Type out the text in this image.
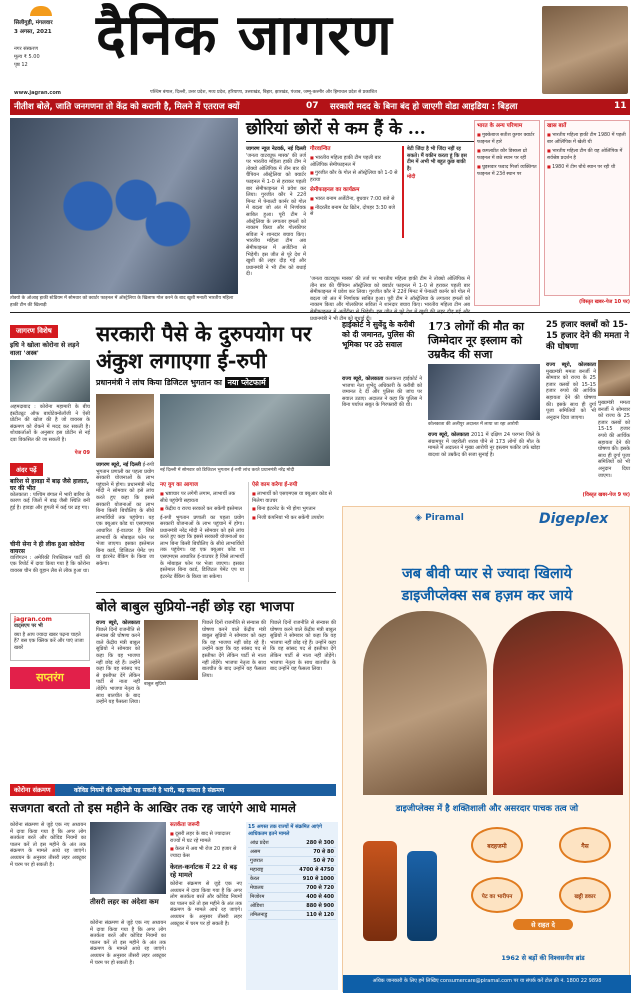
सिलीगुड़ी, मंगलवार
3 अगस्त, 2021
नगर संस्करण
मूल्य ₹ 5.00
पृष्ठ 12 दैनिक जागरण
www.jagran.com	पश्चिम बंगाल, दिल्ली, उत्तर प्रदेश, मध्य प्रदेश, हरियाणा, उत्तराखंड, बिहार, झारखंड, पंजाब, जम्मू-कश्मीर और हिमाचल प्रदेश से प्रकाशित
नीतीश बोले, जाति जनगणना तो केंद्र को करानी है, मिलने में एतराज क्यों	07 सरकारी मदद के बिना बंद हो जाएगी वोडा आइडिया : बिड़ला	11
तोक्यो के ओआइ हाकी स्टेडियम में सोमवार को क्वार्टर फाइनल में ऑस्ट्रेलिया के खिलाफ गोल करने के बाद खुशी मनाती भारतीय महिला हाकी टीम की खिलाड़ी
छोरियां छोरों से कम हैं के ...
जागरण न्यूज नेटवर्क, नई दिल्ली 'जनता वाटरप्रूफ मास्क' की तर्ज पर भारतीय महिला हाकी टीम ने तोक्यो ओलिंपिक में तीन बार की चैंपियन ऑस्ट्रेलिया को क्वार्टर फाइनल में 1-0 से हराकर पहली बार सेमीफाइनल में प्रवेश कर लिया। गुरजीत कौर ने 22वें मिनट में पेनाल्टी कार्नर को गोल में बदला जो अंत में निर्णायक साबित हुआ। पूरी टीम ने ऑस्ट्रेलिया के लगातार हमलों को नाकाम किया और गोलकीपर सविता ने शानदार बचाव किए। भारतीय महिला टीम अब सेमीफाइनल में अर्जेंटीना से भिड़ेगी। इस जीत से पूरे देश में खुशी की लहर दौड़ गई और प्रधानमंत्री ने भी टीम को बधाई दी।
गौरवान्वित
■ भारतीय महिला हाकी टीम पहली बार ओलिंपिक सेमीफाइनल में
■ गुरजीत कौर के गोल से ऑस्ट्रेलिया को 1-0 से हराया
सेमीफाइनल का कार्यक्रम
■ भारत बनाम अर्जेंटीना, बुधवार 7:00 बजे से
■ नीदरलैंड बनाम ग्रेट ब्रिटेन, दोपहर 3:30 बजे से
बेटी जिंदा है भी जिंदा नहीं रह सकते। मैं यकीन करता हूं कि इस टीम में अभी भी बहुत कुछ बाकी है।
मोदी
'जनता वाटरप्रूफ मास्क' की तर्ज पर भारतीय महिला हाकी टीम ने तोक्यो ओलिंपिक में तीन बार की चैंपियन ऑस्ट्रेलिया को क्वार्टर फाइनल में 1-0 से हराकर पहली बार सेमीफाइनल में प्रवेश कर लिया। गुरजीत कौर ने 22वें मिनट में पेनाल्टी कार्नर को गोल में बदला जो अंत में निर्णायक साबित हुआ। पूरी टीम ने ऑस्ट्रेलिया के लगातार हमलों को नाकाम किया और गोलकीपर सविता ने शानदार बचाव किए। भारतीय महिला टीम अब प्रधानमंत्री ने भी टीम को बधाई दी।
भारत के अन्य परिणाम
■ मुक्केबाज सतीश कुमार क्वार्टर फाइनल में हारे
■ कमलप्रीत कौर डिस्कस थ्रो फाइनल में छठे स्थान पर रहीं
■ घुड़सवार फवाद मिर्जा व्यक्तिगत फाइनल में 23वें स्थान पर
खास बातें
■ भारतीय महिला हाकी टीम 1980 में पहली बार ओलिंपिक में खेली थी
■ भारतीय महिला टीम की यह ओलिंपिक में सर्वश्रेष्ठ प्रदर्शन है
■ 1980 में टीम चौथे स्थान पर रही थी
(विस्तृत खबर-पेज 10 पर)
जागरण विशेष
इधि ने खोला कोरोना से लड़ने वाला 'अस्त्र'
अहमदाबाद : कोरोना महामारी के बीच इंस्टीट्यूट ऑफ बायोटेक्नोलॉजी ने ऐसी प्रोटीन की खोज की है जो वायरस के संक्रमण को रोकने में मदद कर सकती है। शोधकर्ताओं के अनुसार इस प्रोटीन से नई दवा विकसित की जा सकती है।
पेज 09
अंदर पढ़ें
बारिश से हावड़ा में बाढ़ जैसे हालात, घर की भीत
कोलकाता : पश्चिम बंगाल में भारी बारिश के कारण कई जिलों में बाढ़ जैसी स्थिति बनी हुई है। हावड़ा और हुगली में कई घर ढह गए।
चीनी सेना ने ही लीक हुआ कोरोना वायरस
वाशिंगटन : अमेरिकी रिपब्लिकन पार्टी की एक रिपोर्ट में दावा किया गया है कि कोरोना वायरस चीन की वुहान लैब से लीक हुआ था।
jagran.com
वाट्सएप पर भी
क्या है आप ज्यादा खबर पढ़ना चाहते हैं? बस एक क्लिक करें और पाएं ताजा खबरें
सप्तरंग
सरकारी पैसे के दुरुपयोग पर अंकुश लगाएगा ई-रुपी
प्रधानमंत्री ने लांच किया डिजिटल भुगतान का नया प्लेटफार्म
जागरण ब्यूरो, नई दिल्ली ई-रुपी भुगतान प्रणाली का पहला प्रयोग सरकारी योजनाओं के लाभ पहुंचाने में होगा। प्रधानमंत्री नरेंद्र मोदी ने सोमवार को इसे लांच करते हुए कहा कि इससे सरकारी योजनाओं का लाभ बिना किसी बिचौलिए के सीधे लाभार्थियों तक पहुंचेगा। यह एक क्यूआर कोड या एसएमएस आधारित ई-वाउचर है जिसे लाभार्थी के मोबाइल फोन पर भेजा जाएगा। इसका इस्तेमाल बिना कार्ड, डिजिटल पेमेंट एप या इंटरनेट बैंकिंग के किया जा सकेगा।
नई दिल्ली में सोमवार को डिजिटल भुगतान ई-रुपी लांच करते प्रधानमंत्री नरेंद्र मोदी
नए युग का आगाज
■ भ्रष्टाचार पर लगेगी लगाम, लाभार्थी तक सीधे पहुंचेगी सहायता
■ केंद्रीय व राज्य सरकारें कर सकेंगी इस्तेमाल
ई-रुपी भुगतान प्रणाली का पहला प्रयोग सरकारी योजनाओं के लाभ पहुंचाने में होगा। प्रधानमंत्री नरेंद्र मोदी ने सोमवार को इसे लांच करते हुए कहा कि इससे सरकारी योजनाओं का लाभ बिना किसी बिचौलिए के सीधे लाभार्थियों तक पहुंचेगा। यह एक क्यूआर कोड या एसएमएस आधारित ई-वाउचर है जिसे लाभार्थी के मोबाइल फोन पर भेजा जाएगा। इसका इस्तेमाल बिना कार्ड, डिजिटल पेमेंट एप या इंटरनेट बैंकिंग के किया जा सकेगा।
ऐसे काम करेगा ई-रुपी
■ लाभार्थी को एसएमएस या क्यूआर कोड से मिलेगा वाउचर
■ बिना इंटरनेट के भी होगा भुगतान
■ निजी कंपनियां भी कर सकेंगी उपयोग
बोले बाबुल सुप्रियो-नहीं छोड़ रहा भाजपा
राज्य ब्यूरो, कोलकाता पिछले दिनों राजनीति से संन्यास की घोषणा करने वाले केंद्रीय मंत्री बाबुल सुप्रियो ने सोमवार को कहा कि वह भाजपा नहीं छोड़ रहे हैं। उन्होंने कहा कि वह सांसद पद से इस्तीफा देंगे लेकिन पार्टी से नाता नहीं तोड़ेंगे। भाजपा नेतृत्व के साथ बातचीत के बाद उन्होंने यह फैसला लिया।
बाबुल सुप्रियो
पिछले दिनों राजनीति से संन्यास की घोषणा करने वाले केंद्रीय मंत्री बाबुल सुप्रियो ने सोमवार को कहा कि वह भाजपा नहीं छोड़ रहे हैं। उन्होंने कहा कि वह सांसद पद से इस्तीफा देंगे लेकिन पार्टी से नाता नहीं तोड़ेंगे। भाजपा नेतृत्व के साथ बातचीत के बाद उन्होंने यह फैसला लिया।
पिछले दिनों राजनीति से संन्यास की घोषणा करने वाले केंद्रीय मंत्री बाबुल सुप्रियो ने सोमवार को कहा कि वह भाजपा नहीं छोड़ रहे हैं। उन्होंने कहा कि वह सांसद पद से इस्तीफा देंगे लेकिन पार्टी से नाता नहीं तोड़ेंगे। भाजपा नेतृत्व के साथ बातचीत के बाद उन्होंने यह फैसला लिया।
हाईकोर्ट ने सुवेंदु के करीबी को दी जमानत, पुलिस की भूमिका पर उठे सवाल
राज्य ब्यूरो, कोलकाता कलकत्ता हाईकोर्ट ने भाजपा नेता शुभेंदु अधिकारी के करीबी को जमानत दे दी और पुलिस की जांच पर सवाल उठाए। अदालत ने कहा कि पुलिस ने बिना पर्याप्त सबूत के गिरफ्तारी की थी।
173 लोगों की मौत का जिम्मेदार नूर इस्लाम को उम्रकैद की सजा
कोलकाता की अलीपुर अदालत में लाया जा रहा आरोपी
राज्य ब्यूरो, कोलकाता 2011 में दक्षिण 24 परगना जिले के संग्रामपुर में जहरीली शराब पीने से 173 लोगों की मौत के मामले में अदालत ने मुख्य आरोपी नूर इस्लाम फकीर उर्फ खोड़ा बादशा को उम्रकैद की सजा सुनाई है।
25 हजार क्लबों को 15-15 हजार देने की ममता ने की घोषणा
राज्य ब्यूरो, कोलकाता मुख्यमंत्री ममता बनर्जी ने सोमवार को राज्य के 25 हजार क्लबों को 15-15 हजार रुपये की आर्थिक सहायता देने की घोषणा की। इसके साथ ही दुर्गा पूजा समितियों को भी अनुदान दिया जाएगा।
मुख्यमंत्री ममता बनर्जी ने सोमवार को राज्य के 25 हजार क्लबों को 15-15 हजार रुपये की आर्थिक सहायता देने की घोषणा की। इसके साथ ही दुर्गा पूजा समितियों को भी अनुदान दिया जाएगा।
(विस्तृत खबर-पेज 9 पर)
◈ Piramal	Digeplex
जब बीवी प्यार से ज्यादा खिलाये
डाइजीप्लेक्स सब हज़म कर जाये
डाइजीप्लेक्स में है शक्तिशाली और असरदार पाचक तत्व जो
बदहजमी	गैस
पेट का भारीपन	खट्टी डकार
से राहत दे
1962 से बड़ों की विश्वसनीय ब्रांड
अधिक जानकारी के लिए हमें लिखिए consumercare@piramal.com पर या संपर्क करें टोल फ्री नं. 1800 22 9898
कोरोना संक्रमण	कोविड नियमों की अनदेखी पड़ सकती है भारी, बढ़ सकता है संक्रमण
सजगता बरतो तो इस महीने के आखिर तक रह जाएंगे आधे मामले
कोरोना संक्रमण से जुड़े एक नए अध्ययन में दावा किया गया है कि अगर लोग सतर्कता बरतें और कोविड नियमों का पालन करें तो इस महीने के अंत तक संक्रमण के मामले आधे रह जाएंगे। अध्ययन के अनुसार तीसरी लहर अक्टूबर में चरम पर हो सकती है।
तीसरी लहर का अंदेशा कम
कोरोना संक्रमण से जुड़े एक नए अध्ययन में दावा किया गया है कि अगर लोग सतर्कता बरतें और कोविड नियमों का पालन करें तो इस महीने के अंत तक संक्रमण के मामले आधे रह जाएंगे। अध्ययन के अनुसार तीसरी लहर अक्टूबर में चरम पर हो सकती है।
सतर्कता जरूरी
■ दूसरी लहर के बाद से ज्यादातर राज्यों में घट रहे मामले
■ केरल में अब भी रोज 20 हजार से ज्यादा केस
केरल-कर्नाटक में 22 से बढ़ रहे मामले
कोरोना संक्रमण से जुड़े एक नए अध्ययन में दावा किया गया है कि अगर लोग सतर्कता बरतें और कोविड नियमों का पालन करें तो इस महीने के अंत तक संक्रमण के मामले आधे रह जाएंगे। अध्ययन के अनुसार तीसरी लहर अक्टूबर में चरम पर हो सकती है।
15 अगस्त तक राज्यों में संक्रमित आएंगे आधिकतम इतने मामले
आंध्र प्रदेश	280 से 300
असम	70 से 80
गुजरात	50 से 70
महाराष्ट्र	4700 से 4750
केरल	910 से 1000
मेघालय	700 से 720
मिजोरम	400 से 400
ओडिशा	880 से 900
तमिलनाडु	110 से 120
